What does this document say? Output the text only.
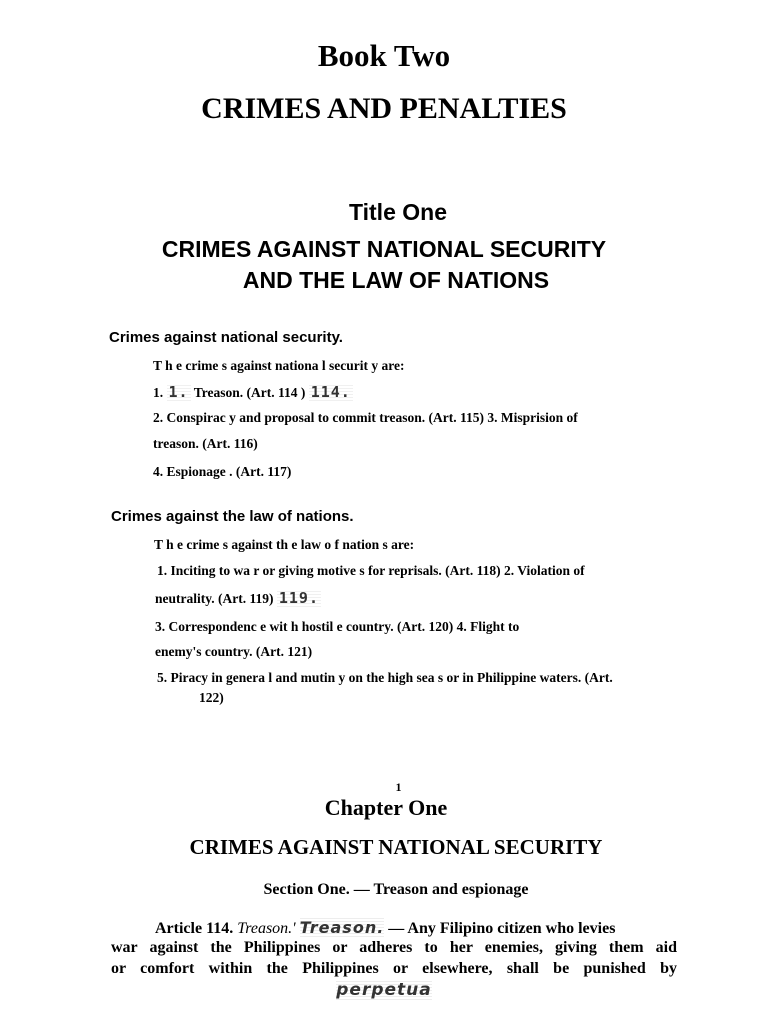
Book Two
CRIMES AND PENALTIES
Title One
CRIMES AGAINST NATIONAL SECURITY
AND THE LAW OF NATIONS
Crimes against national security.
T h e crime s against nationa l securit y are:
1. 1. Treason. (Art. 114 ) 114.
2. Conspirac y and proposal to commit treason. (Art. 115) 3. Misprision of
treason. (Art. 116)
4. Espionage . (Art. 117)
Crimes against the law of nations.
T h e crime s against th e law o f nation s are:
1. Inciting to wa r or giving motive s for reprisals. (Art. 118) 2. Violation of
neutrality. (Art. 119) 119.
3. Correspondenc e wit h hostil e country. (Art. 120) 4. Flight to
enemy's country. (Art. 121)
5. Piracy in genera l and mutin y on the high sea s or in Philippine waters. (Art.
122)
1
Chapter One
CRIMES AGAINST NATIONAL SECURITY
Section One. — Treason and espionage
Article 114. Treason.' Treason. — Any Filipino citizen who levies
war against the Philippines or adheres to her enemies, giving them aid
or comfort within the Philippines or elsewhere, shall be punished by
perpetua
